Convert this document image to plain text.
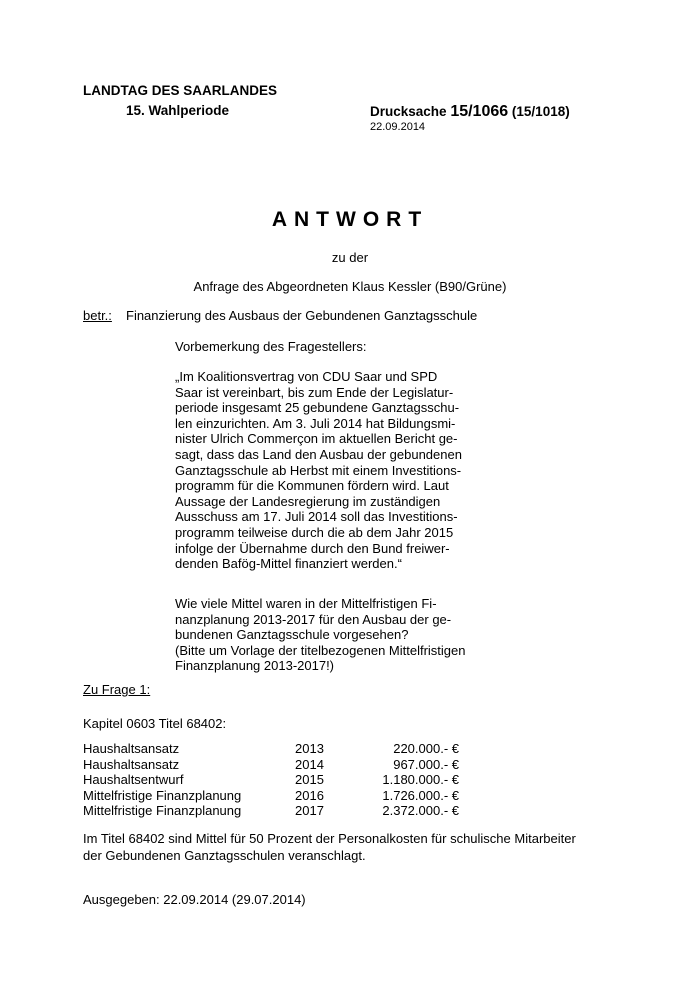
LANDTAG DES SAARLANDES
15. Wahlperiode	Drucksache 15/1066 (15/1018)
22.09.2014
ANTWORT
zu der
Anfrage des Abgeordneten Klaus Kessler (B90/Grüne)
betr.: Finanzierung des Ausbaus der Gebundenen Ganztagsschule
Vorbemerkung des Fragestellers:
„Im Koalitionsvertrag von CDU Saar und SPD
Saar ist vereinbart, bis zum Ende der Legislatur-
periode insgesamt 25 gebundene Ganztagsschu-
len einzurichten. Am 3. Juli 2014 hat Bildungsmi-
nister Ulrich Commerçon im aktuellen Bericht ge-
sagt, dass das Land den Ausbau der gebundenen
Ganztagsschule ab Herbst mit einem Investitions-
programm für die Kommunen fördern wird. Laut
Aussage der Landesregierung im zuständigen
Ausschuss am 17. Juli 2014 soll das Investitions-
programm teilweise durch die ab dem Jahr 2015
infolge der Übernahme durch den Bund freiwer-
denden Bafög-Mittel finanziert werden.“
Wie viele Mittel waren in der Mittelfristigen Fi-
nanzplanung 2013-2017 für den Ausbau der ge-
bundenen Ganztagsschule vorgesehen?
(Bitte um Vorlage der titelbezogenen Mittelfristigen
Finanzplanung 2013-2017!)
Zu Frage 1:
Kapitel 0603 Titel 68402:
Haushaltsansatz	2013	220.000.- €
Haushaltsansatz	2014	967.000.- €
Haushaltsentwurf	2015	1.180.000.- €
Mittelfristige Finanzplanung	2016	1.726.000.- €
Mittelfristige Finanzplanung	2017	2.372.000.- €
Im Titel 68402 sind Mittel für 50 Prozent der Personalkosten für schulische Mitarbeiter
der Gebundenen Ganztagsschulen veranschlagt.
Ausgegeben: 22.09.2014 (29.07.2014)
